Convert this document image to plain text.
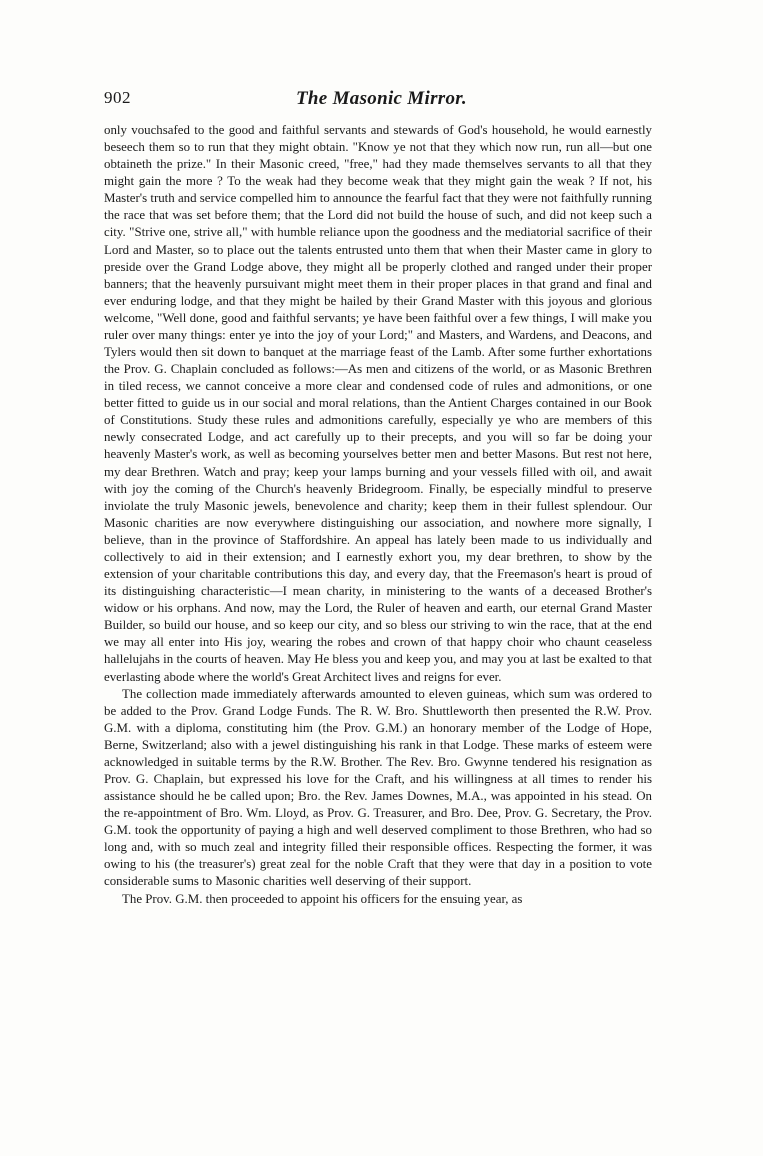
902	The Masonic Mirror.

only vouchsafed to the good and faithful servants and stewards of God's household, he would earnestly beseech them so to run that they might obtain. "Know ye not that they which now run, run all—but one obtaineth the prize." In their Masonic creed, "free," had they made themselves servants to all that they might gain the more ? To the weak had they become weak that they might gain the weak ? If not, his Master's truth and service compelled him to announce the fearful fact that they were not faithfully running the race that was set before them; that the Lord did not build the house of such, and did not keep such a city. "Strive one, strive all," with humble reliance upon the goodness and the mediatorial sacrifice of their Lord and Master, so to place out the talents entrusted unto them that when their Master came in glory to preside over the Grand Lodge above, they might all be properly clothed and ranged under their proper banners; that the heavenly pursuivant might meet them in their proper places in that grand and final and ever enduring lodge, and that they might be hailed by their Grand Master with this joyous and glorious welcome, "Well done, good and faithful servants; ye have been faithful over a few things, I will make you ruler over many things: enter ye into the joy of your Lord;" and Masters, and Wardens, and Deacons, and Tylers would then sit down to banquet at the marriage feast of the Lamb. After some further exhortations the Prov. G. Chaplain concluded as follows:—As men and citizens of the world, or as Masonic Brethren in tiled recess, we cannot conceive a more clear and condensed code of rules and admonitions, or one better fitted to guide us in our social and moral relations, than the Antient Charges contained in our Book of Constitutions. Study these rules and admonitions carefully, especially ye who are members of this newly consecrated Lodge, and act carefully up to their precepts, and you will so far be doing your heavenly Master's work, as well as becoming yourselves better men and better Masons. But rest not here, my dear Brethren. Watch and pray; keep your lamps burning and your vessels filled with oil, and await with joy the coming of the Church's heavenly Bridegroom. Finally, be especially mindful to preserve inviolate the truly Masonic jewels, benevolence and charity; keep them in their fullest splendour. Our Masonic charities are now everywhere distinguishing our association, and nowhere more signally, I believe, than in the province of Staffordshire. An appeal has lately been made to us individually and collectively to aid in their extension; and I earnestly exhort you, my dear brethren, to show by the extension of your charitable contributions this day, and every day, that the Freemason's heart is proud of its distinguishing characteristic—I mean charity, in ministering to the wants of a deceased Brother's widow or his orphans. And now, may the Lord, the Ruler of heaven and earth, our eternal Grand Master Builder, so build our house, and so keep our city, and so bless our striving to win the race, that at the end we may all enter into His joy, wearing the robes and crown of that happy choir who chaunt ceaseless hallelujahs in the courts of heaven. May He bless you and keep you, and may you at last be exalted to that everlasting abode where the world's Great Architect lives and reigns for ever.

The collection made immediately afterwards amounted to eleven guineas, which sum was ordered to be added to the Prov. Grand Lodge Funds. The R. W. Bro. Shuttleworth then presented the R.W. Prov. G.M. with a diploma, constituting him (the Prov. G.M.) an honorary member of the Lodge of Hope, Berne, Switzerland; also with a jewel distinguishing his rank in that Lodge. These marks of esteem were acknowledged in suitable terms by the R.W. Brother. The Rev. Bro. Gwynne tendered his resignation as Prov. G. Chaplain, but expressed his love for the Craft, and his willingness at all times to render his assistance should he be called upon; Bro. the Rev. James Downes, M.A., was appointed in his stead. On the re-appointment of Bro. Wm. Lloyd, as Prov. G. Treasurer, and Bro. Dee, Prov. G. Secretary, the Prov. G.M. took the opportunity of paying a high and well deserved compliment to those Brethren, who had so long and, with so much zeal and integrity filled their responsible offices. Respecting the former, it was owing to his (the treasurer's) great zeal for the noble Craft that they were that day in a position to vote considerable sums to Masonic charities well deserving of their support.

The Prov. G.M. then proceeded to appoint his officers for the ensuing year, as
